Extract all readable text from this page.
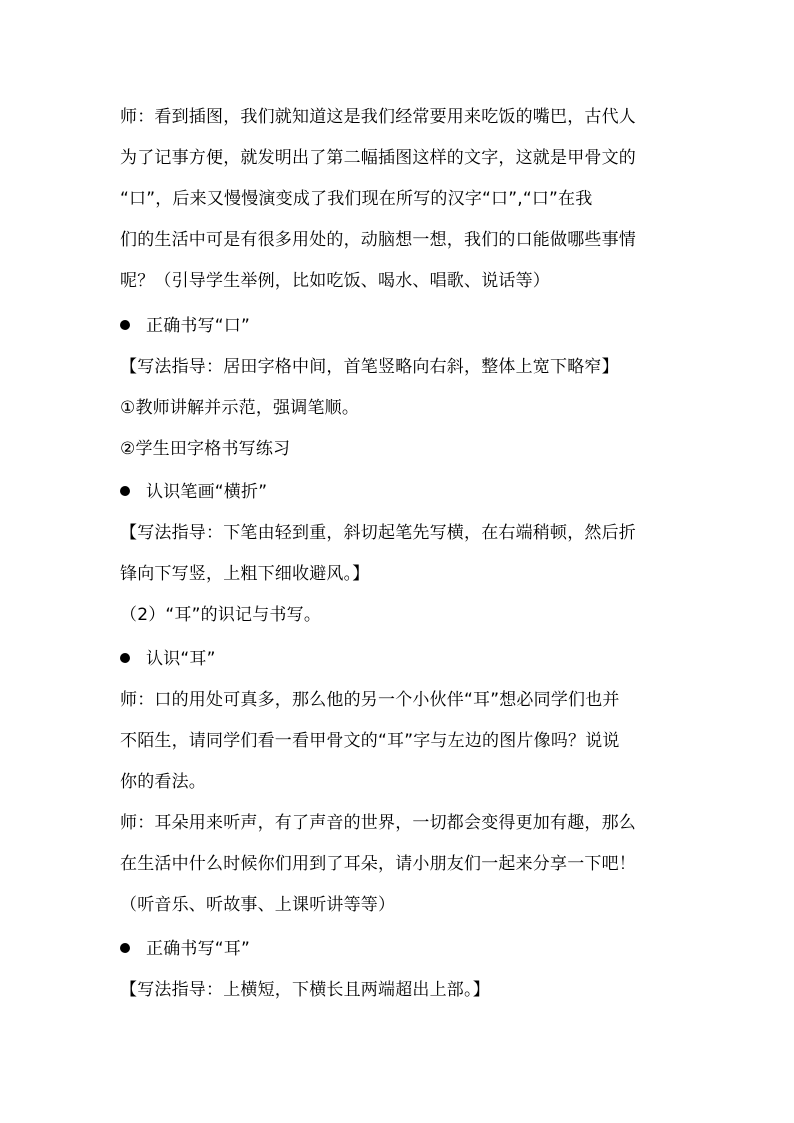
师：看到插图，我们就知道这是我们经常要用来吃饭的嘴巴，古代人
为了记事方便，就发明出了第二幅插图这样的文字，这就是甲骨文的
“口”，后来又慢慢演变成了我们现在所写的汉字“口”,“口”在我
们的生活中可是有很多用处的，动脑想一想，我们的口能做哪些事情
呢？（引导学生举例，比如吃饭、喝水、唱歌、说话等）
正确书写“口”
【写法指导：居田字格中间，首笔竖略向右斜，整体上宽下略窄】
①教师讲解并示范，强调笔顺。
②学生田字格书写练习
认识笔画“横折”
【写法指导：下笔由轻到重，斜切起笔先写横，在右端稍顿，然后折
锋向下写竖，上粗下细收避风。】
（2）“耳”的识记与书写。
认识“耳”
师：口的用处可真多，那么他的另一个小伙伴“耳”想必同学们也并
不陌生，请同学们看一看甲骨文的“耳”字与左边的图片像吗？说说
你的看法。
师：耳朵用来听声，有了声音的世界，一切都会变得更加有趣，那么
在生活中什么时候你们用到了耳朵，请小朋友们一起来分享一下吧！
（听音乐、听故事、上课听讲等等）
正确书写“耳”
【写法指导：上横短，下横长且两端超出上部。】
